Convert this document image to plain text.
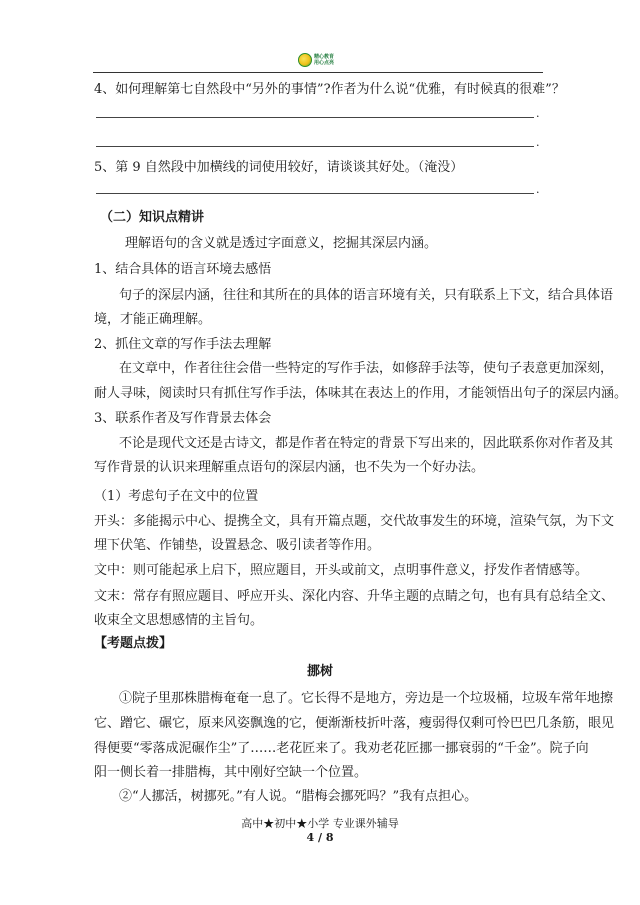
精心教育
用心点亮
4、如何理解第七自然段中“另外的事情”?作者为什么说“优雅，有时候真的很难”？
.
.
5、第 9 自然段中加横线的词使用较好，请谈谈其好处。（淹没）
.
（二）知识点精讲
理解语句的含义就是透过字面意义，挖掘其深层内涵。
1、结合具体的语言环境去感悟
句子的深层内涵，往往和其所在的具体的语言环境有关，只有联系上下文，结合具体语
境，才能正确理解。
2、抓住文章的写作手法去理解
在文章中，作者往往会借一些特定的写作手法，如修辞手法等，使句子表意更加深刻，
耐人寻味，阅读时只有抓住写作手法，体味其在表达上的作用，才能领悟出句子的深层内涵。
3、联系作者及写作背景去体会
不论是现代文还是古诗文，都是作者在特定的背景下写出来的，因此联系你对作者及其
写作背景的认识来理解重点语句的深层内涵，也不失为一个好办法。
（1）考虑句子在文中的位置
开头：多能揭示中心、提携全文，具有开篇点题，交代故事发生的环境，渲染气氛，为下文
埋下伏笔、作铺垫，设置悬念、吸引读者等作用。
文中：则可能起承上启下，照应题目，开头或前文，点明事件意义，抒发作者情感等。
文末：常存有照应题目、呼应开头、深化内容、升华主题的点睛之句，也有具有总结全文、
收束全文思想感情的主旨句。
【考题点拨】
挪树
①院子里那株腊梅奄奄一息了。它长得不是地方，旁边是一个垃圾桶，垃圾车常年地擦
它、蹭它、碾它，原来风姿飘逸的它，便渐渐枝折叶落，瘦弱得仅剩可怜巴巴几条筋，眼见
得便要“零落成泥碾作尘”了……老花匠来了。我劝老花匠挪一挪衰弱的“千金”。院子向
阳一侧长着一排腊梅，其中刚好空缺一个位置。
②“人挪活，树挪死。”有人说。“腊梅会挪死吗？”我有点担心。
高中★初中★小学 专业课外辅导
4 / 8
